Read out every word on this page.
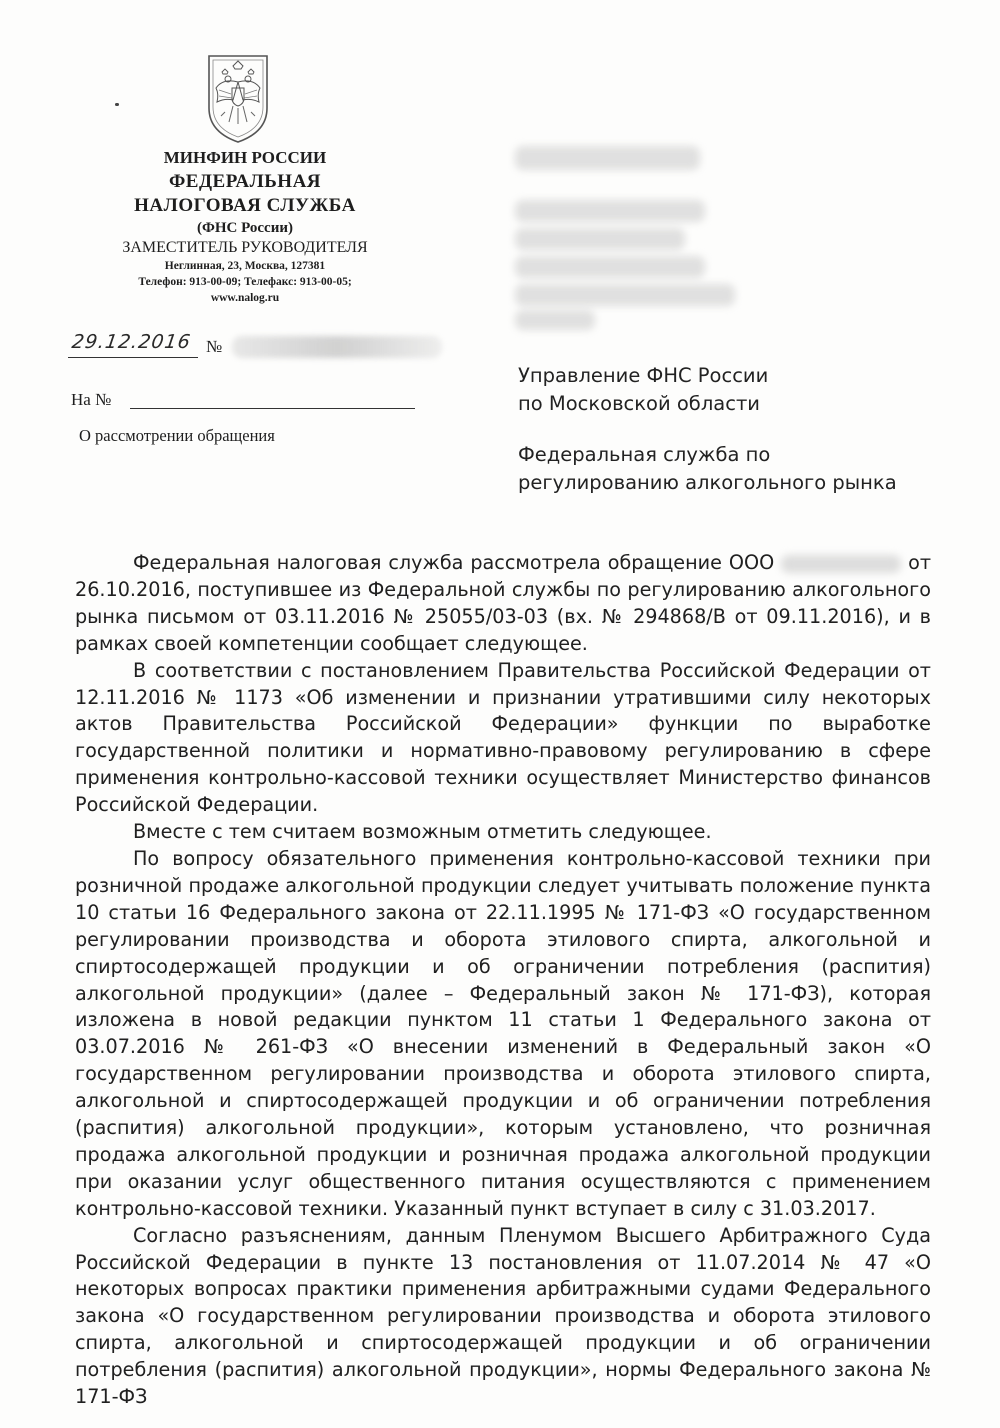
МИНФИН РОССИИ
ФЕДЕРАЛЬНАЯ
НАЛОГОВАЯ СЛУЖБА
(ФНС России)
ЗАМЕСТИТЕЛЬ РУКОВОДИТЕЛЯ
Неглинная, 23, Москва, 127381
Телефон: 913-00-09; Телефакс: 913-00-05;
www.nalog.ru
29.12.2016 №
На №
О рассмотрении обращения
Управление ФНС России
по Московской области
Федеральная служба по
регулированию алкогольного рынка

Федеральная налоговая служба рассмотрела обращение ООО	от 26.10.2016, поступившее из Федеральной службы по регулированию алкогольного рынка письмом от 03.11.2016 № 25055/03-03 (вх. № 294868/В от 09.11.2016), и в рамках своей компетенции сообщает следующее.

В соответствии с постановлением Правительства Российской Федерации от 12.11.2016 № 1173 «Об изменении и признании утратившими силу некоторых актов Правительства Российской Федерации» функции по выработке государственной политики и нормативно-правовому регулированию в сфере применения контрольно-кассовой техники осуществляет Министерство финансов Российской Федерации.

Вместе с тем считаем возможным отметить следующее.

По вопросу обязательного применения контрольно-кассовой техники при розничной продаже алкогольной продукции следует учитывать положение пункта 10 статьи 16 Федерального закона от 22.11.1995 № 171-ФЗ «О государственном регулировании производства и оборота этилового спирта, алкогольной и спиртосодержащей продукции и об ограничении потребления (распития) алкогольной продукции» (далее – Федеральный закон № 171-ФЗ), которая изложена в новой редакции пунктом 11 статьи 1 Федерального закона от 03.07.2016 № 261-ФЗ «О внесении изменений в Федеральный закон «О государственном регулировании производства и оборота этилового спирта, алкогольной и спиртосодержащей продукции и об ограничении потребления (распития) алкогольной продукции», которым установлено, что розничная продажа алкогольной продукции и розничная продажа алкогольной продукции при оказании услуг общественного питания осуществляются с применением контрольно-кассовой техники. Указанный пункт вступает в силу с 31.03.2017.

Согласно разъяснениям, данным Пленумом Высшего Арбитражного Суда Российской Федерации в пункте 13 постановления от 11.07.2014 № 47 «О некоторых вопросах практики применения арбитражными судами Федерального закона «О государственном регулировании производства и оборота этилового спирта, алкогольной и спиртосодержащей продукции и об ограничении потребления (распития) алкогольной продукции», нормы Федерального закона № 171-ФЗ
